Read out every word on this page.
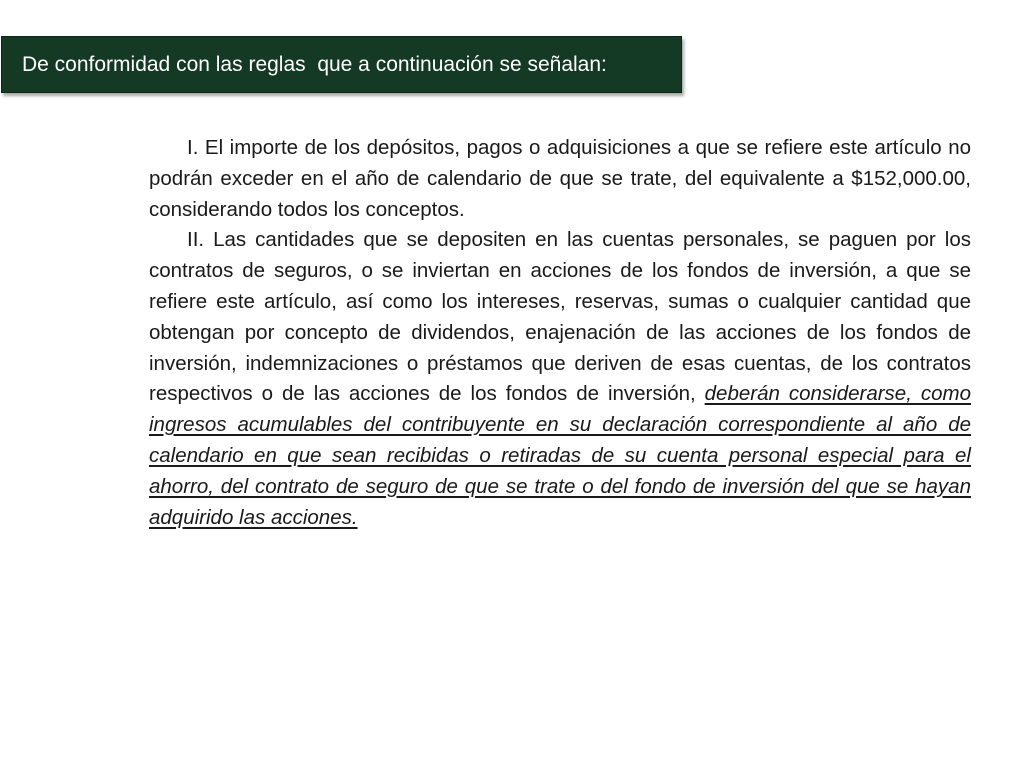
De conformidad con las reglas  que a continuación se señalan:

I. El importe de los depósitos, pagos o adquisiciones a que se refiere este artículo no podrán exceder en el año de calendario de que se trate, del equivalente a $152,000.00, considerando todos los conceptos.

II. Las cantidades que se depositen en las cuentas personales, se paguen por los contratos de seguros, o se inviertan en acciones de los fondos de inversión, a que se refiere este artículo, así como los intereses, reservas, sumas o cualquier cantidad que obtengan por concepto de dividendos, enajenación de las acciones de los fondos de inversión, indemnizaciones o préstamos que deriven de esas cuentas, de los contratos respectivos o de las acciones de los fondos de inversión, deberán considerarse, como ingresos acumulables del contribuyente en su declaración correspondiente al año de calendario en que sean recibidas o retiradas de su cuenta personal especial para el ahorro, del contrato de seguro de que se trate o del fondo de inversión del que se hayan adquirido las acciones.
